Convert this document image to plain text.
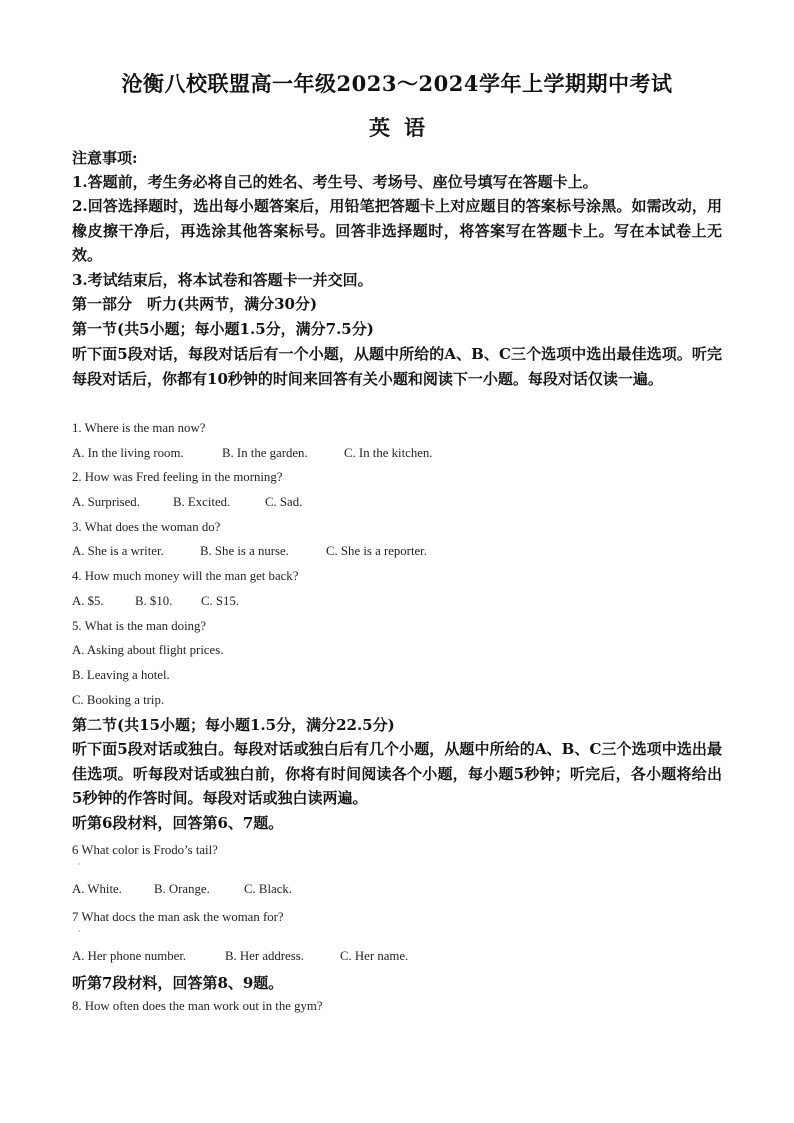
沧衡八校联盟高一年级2023～2024学年上学期期中考试
英语
注意事项:
1.答题前，考生务必将自己的姓名、考生号、考场号、座位号填写在答题卡上。
2.回答选择题时，选出每小题答案后，用铅笔把答题卡上对应题目的答案标号涂黑。如需改动，用橡皮擦干净后，再选涂其他答案标号。回答非选择题时，将答案写在答题卡上。写在本试卷上无效。
3.考试结束后，将本试卷和答题卡一并交回。
第一部分　听力(共两节，满分30分)
第一节(共5小题；每小题1.5分，满分7.5分)
听下面5段对话，每段对话后有一个小题，从题中所给的A、B、C三个选项中选出最佳选项。听完每段对话后，你都有10秒钟的时间来回答有关小题和阅读下一小题。每段对话仅读一遍。
1. Where is the man now?
A. In the living room.	B. In the garden.	C. In the kitchen.
2. How was Fred feeling in the morning?
A. Surprised.	B. Excited.	C. Sad.
3. What does the woman do?
A. She is a writer.	B. She is a nurse.	C. She is a reporter.
4. How much money will the man get back?
A. $5. B. $10. C. S15.
5. What is the man doing?
A. Asking about flight prices.
B. Leaving a hotel.
C. Booking a trip.
第二节(共15小题；每小题1.5分，满分22.5分)
听下面5段对话或独白。每段对话或独白后有几个小题，从题中所给的A、B、C三个选项中选出最佳选项。听每段对话或独白前，你将有时间阅读各个小题，每小题5秒钟；听完后，各小题将给出5秒钟的作答时间。每段对话或独白读两遍。
听第6段材料，回答第6、7题。
6 What color is Frodo’s tail?
·
A. White.	B. Orange.	C. Black.
7 What docs the man ask the woman for?
·
A. Her phone number.	B. Her address.	C. Her name.
听第7段材料，回答第8、9题。
8. How often does the man work out in the gym?
